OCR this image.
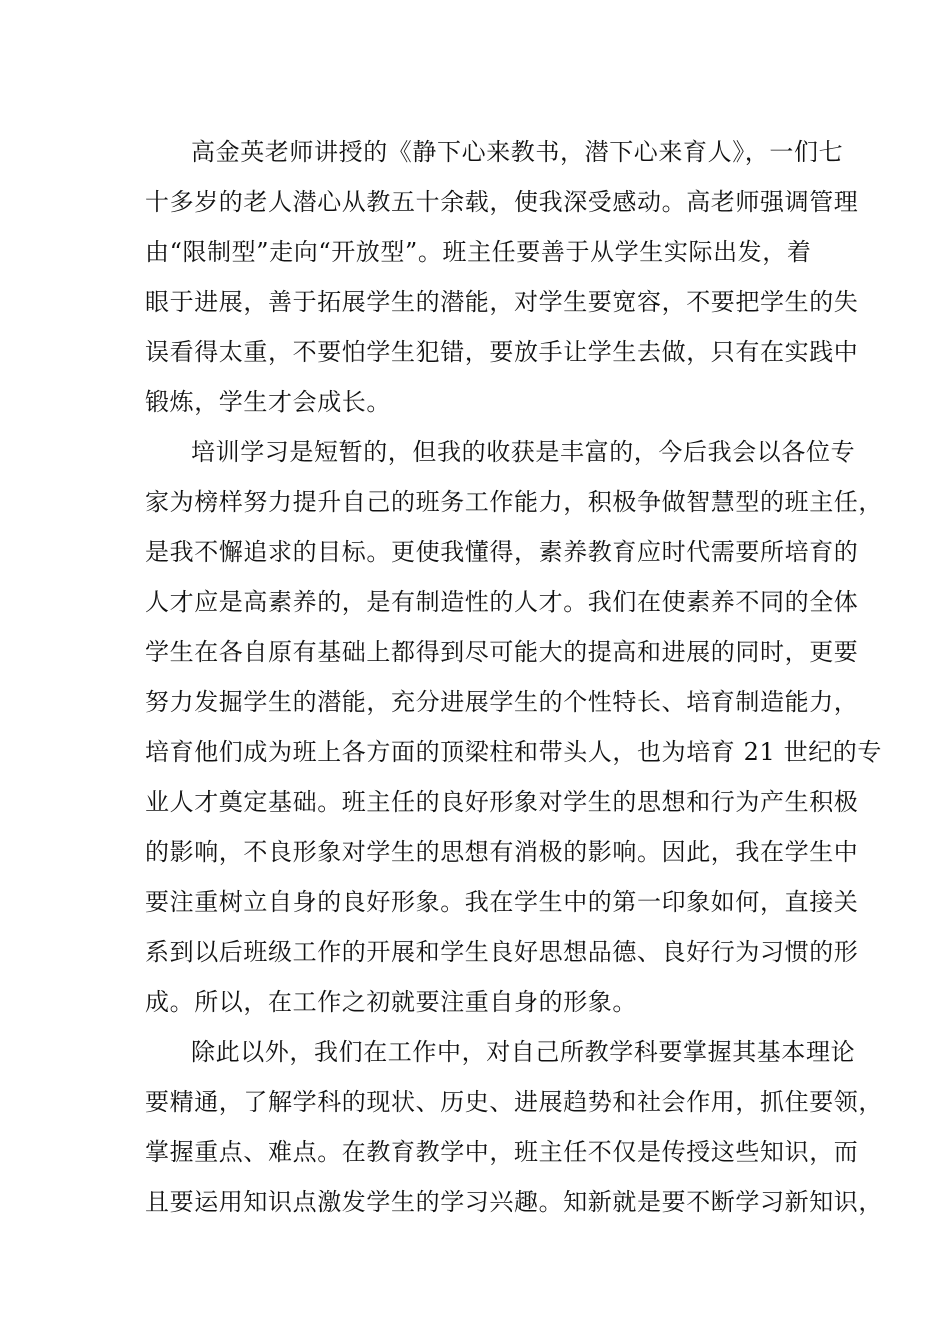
高金英老师讲授的《静下心来教书，潜下心来育人》，一们七
十多岁的老人潜心从教五十余载，使我深受感动。高老师强调管理
由“限制型”走向“开放型”。班主任要善于从学生实际出发，着
眼于进展，善于拓展学生的潜能，对学生要宽容，不要把学生的失
误看得太重，不要怕学生犯错，要放手让学生去做，只有在实践中
锻炼，学生才会成长。

培训学习是短暂的，但我的收获是丰富的，今后我会以各位专
家为榜样努力提升自己的班务工作能力，积极争做智慧型的班主任，
是我不懈追求的目标。更使我懂得，素养教育应时代需要所培育的
人才应是高素养的，是有制造性的人才。我们在使素养不同的全体
学生在各自原有基础上都得到尽可能大的提高和进展的同时，更要
努力发掘学生的潜能，充分进展学生的个性特长、培育制造能力，
培育他们成为班上各方面的顶梁柱和带头人，也为培育 21 世纪的专
业人才奠定基础。班主任的良好形象对学生的思想和行为产生积极
的影响，不良形象对学生的思想有消极的影响。因此，我在学生中
要注重树立自身的良好形象。我在学生中的第一印象如何，直接关
系到以后班级工作的开展和学生良好思想品德、良好行为习惯的形
成。所以，在工作之初就要注重自身的形象。

除此以外，我们在工作中，对自己所教学科要掌握其基本理论
要精通，了解学科的现状、历史、进展趋势和社会作用，抓住要领，
掌握重点、难点。在教育教学中，班主任不仅是传授这些知识，而
且要运用知识点激发学生的学习兴趣。知新就是要不断学习新知识，
